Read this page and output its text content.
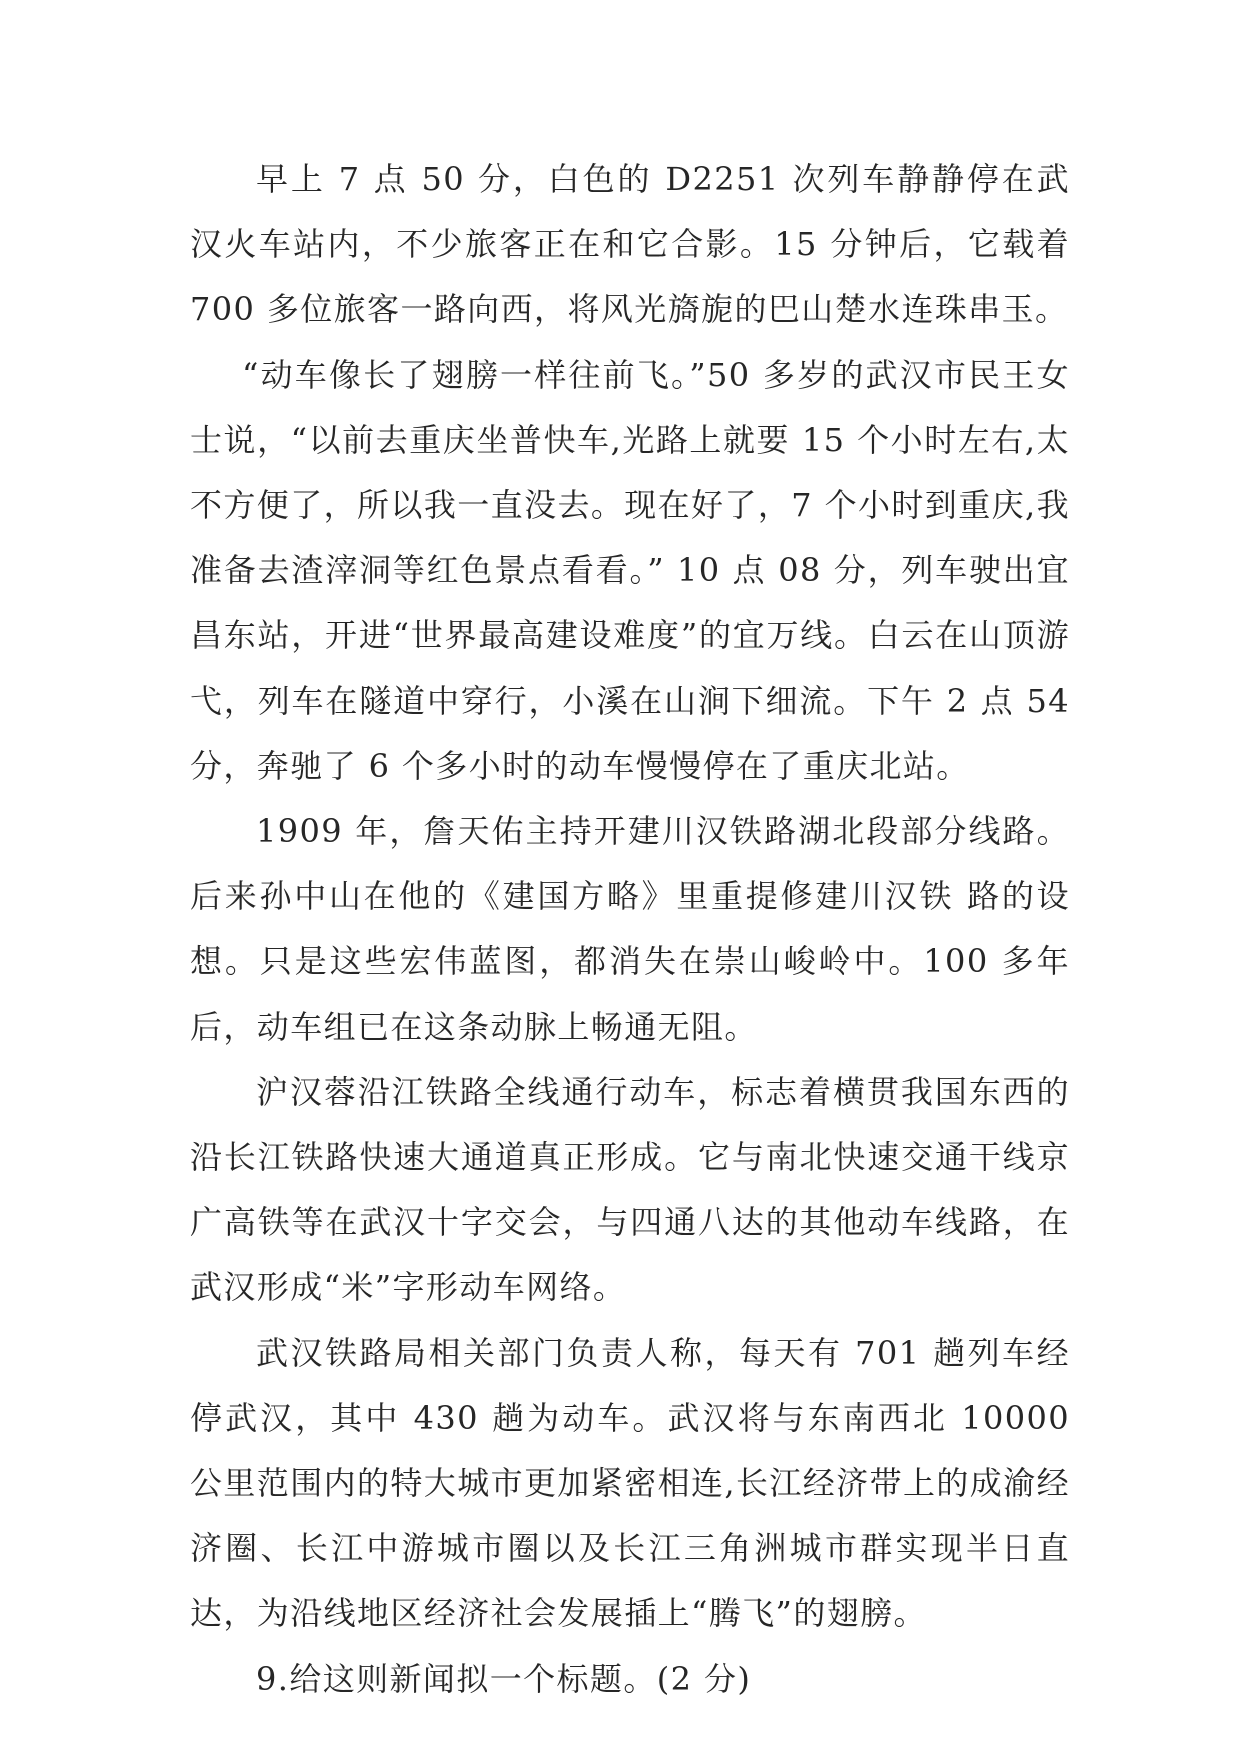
早上 7 点 50 分，白色的 D2251 次列车静静停在武汉火车站内，不少旅客正在和它合影。15 分钟后，它载着 700 多位旅客一路向西，将风光旖旎的巴山楚水连珠串玉。

“动车像长了翅膀一样往前飞。”50 多岁的武汉市民王女士说，“以前去重庆坐普快车,光路上就要 15 个小时左右,太不方便了，所以我一直没去。现在好了，7 个小时到重庆,我准备去渣滓洞等红色景点看看。” 10 点 08 分，列车驶出宜昌东站，开进“世界最高建设难度”的宜万线。白云在山顶游弋，列车在隧道中穿行，小溪在山涧下细流。下午 2 点 54 分，奔驰了 6 个多小时的动车慢慢停在了重庆北站。

1909 年，詹天佑主持开建川汉铁路湖北段部分线路。后来孙中山在他的《建国方略》里重提修建川汉铁 路的设想。只是这些宏伟蓝图，都消失在崇山峻岭中。100 多年后，动车组已在这条动脉上畅通无阻。

沪汉蓉沿江铁路全线通行动车，标志着横贯我国东西的沿长江铁路快速大通道真正形成。它与南北快速交通干线京广高铁等在武汉十字交会，与四通八达的其他动车线路，在武汉形成“米”字形动车网络。

武汉铁路局相关部门负责人称，每天有 701 趟列车经停武汉，其中 430 趟为动车。武汉将与东南西北 10000 公里范围内的特大城市更加紧密相连,长江经济带上的成渝经济圈、长江中游城市圈以及长江三角洲城市群实现半日直达，为沿线地区经济社会发展插上“腾飞”的翅膀。

9.给这则新闻拟一个标题。(2 分)
